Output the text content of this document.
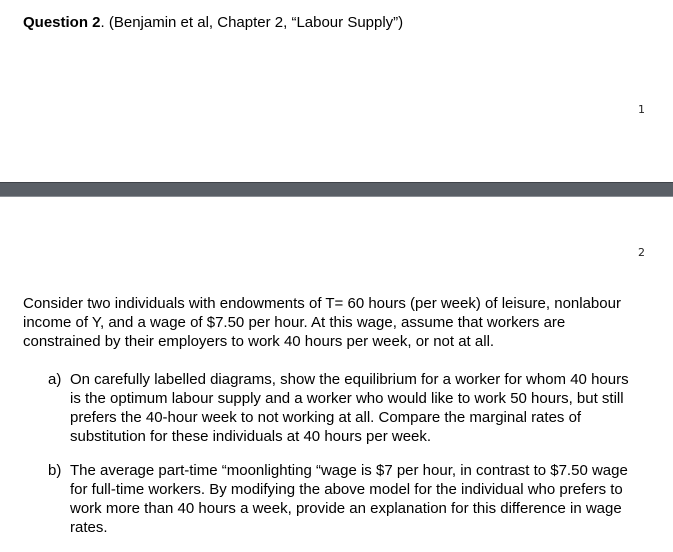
Question 2. (Benjamin et al, Chapter 2, “Labour Supply”)
1
2
Consider two individuals with endowments of T= 60 hours (per week) of leisure, nonlabour income of Y, and a wage of $7.50 per hour. At this wage, assume that workers are constrained by their employers to work 40 hours per week, or not at all.
a) On carefully labelled diagrams, show the equilibrium for a worker for whom 40 hours is the optimum labour supply and a worker who would like to work 50 hours, but still prefers the 40-hour week to not working at all. Compare the marginal rates of substitution for these individuals at 40 hours per week.
b) The average part-time “moonlighting “wage is $7 per hour, in contrast to $7.50 wage for full-time workers. By modifying the above model for the individual who prefers to work more than 40 hours a week, provide an explanation for this difference in wage rates.
